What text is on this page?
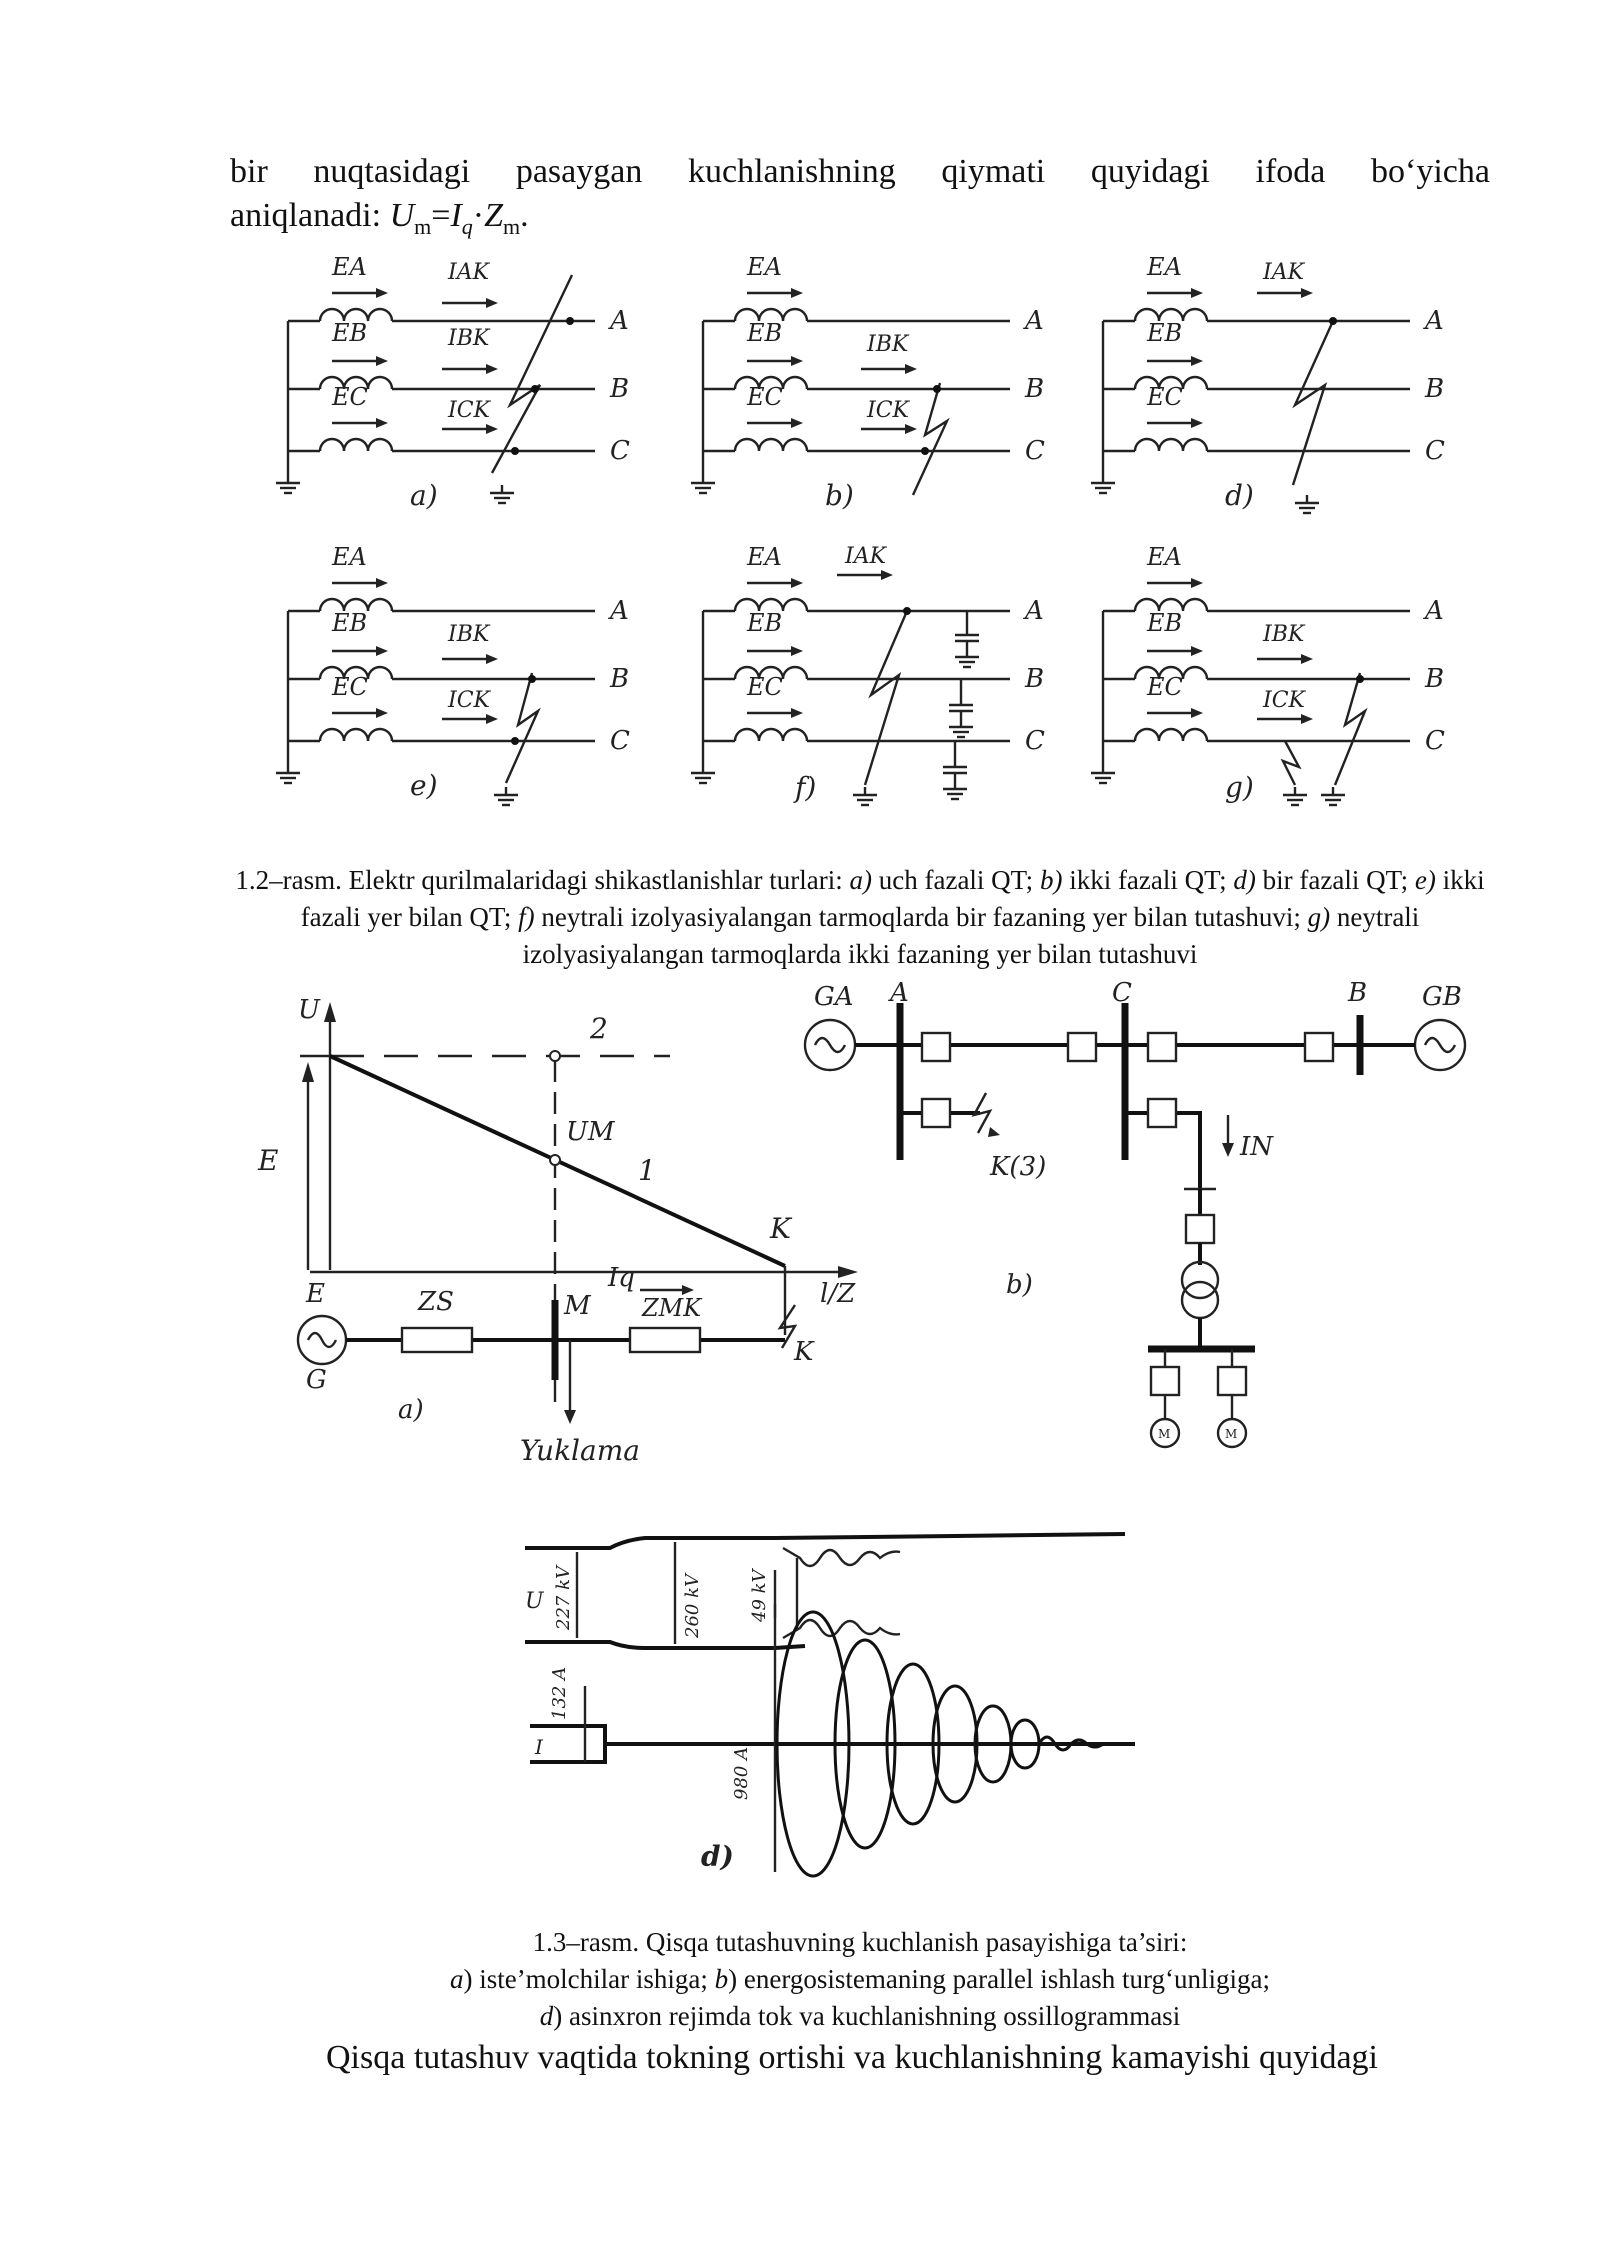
bir nuqtasidagi pasaygan kuchlanishning qiymati quyidagi ifoda bo‘yicha
aniqlanadi: $U_m=I_q\cdot Z_m$.
EA
EB
EC
IAK
IBK
ICK
A
B
C
a)
EA
EB
EC
IBK
ICK
A
B
C
b)
EA
EB
EC
IAK
A
B
C
d)
EA
EB
EC
IBK
ICK
A
B
C
e)
EA
EB
EC
IAK
A
B
C
f)
EA
EB
EC
IBK
ICK
A
B
C
g)
1.2–rasm. Elektr qurilmalaridagi shikastlanishlar turlari: a) uch fazali QT; b) ikki fazali QT; d) bir fazali QT; e) ikki fazali yer bilan QT; f) neytrali izolyasiyalangan tarmoqlarda bir fazaning yer bilan tutashuvi; g) neytrali izolyasiyalangan tarmoqlarda ikki fazaning yer bilan tutashuvi
U
E
2
UM
1
K
Iq
l/Z
E	ZS	M ZMK
K
G
a)
Yuklama	M	M
GA A	C	B GB
K(3)
IN
b)
U 227 kV	260 kV	49 kV
132 A
I	980 A
d)
1.3–rasm. Qisqa tutashuvning kuchlanish pasayishiga ta’siri:
a) iste’molchilar ishiga; b) energosistemaning parallel ishlash turg‘unligiga;
d) asinxron rejimda tok va kuchlanishning ossillogrammasi
Qisqa tutashuv vaqtida tokning ortishi va kuchlanishning kamayishi quyidagi
